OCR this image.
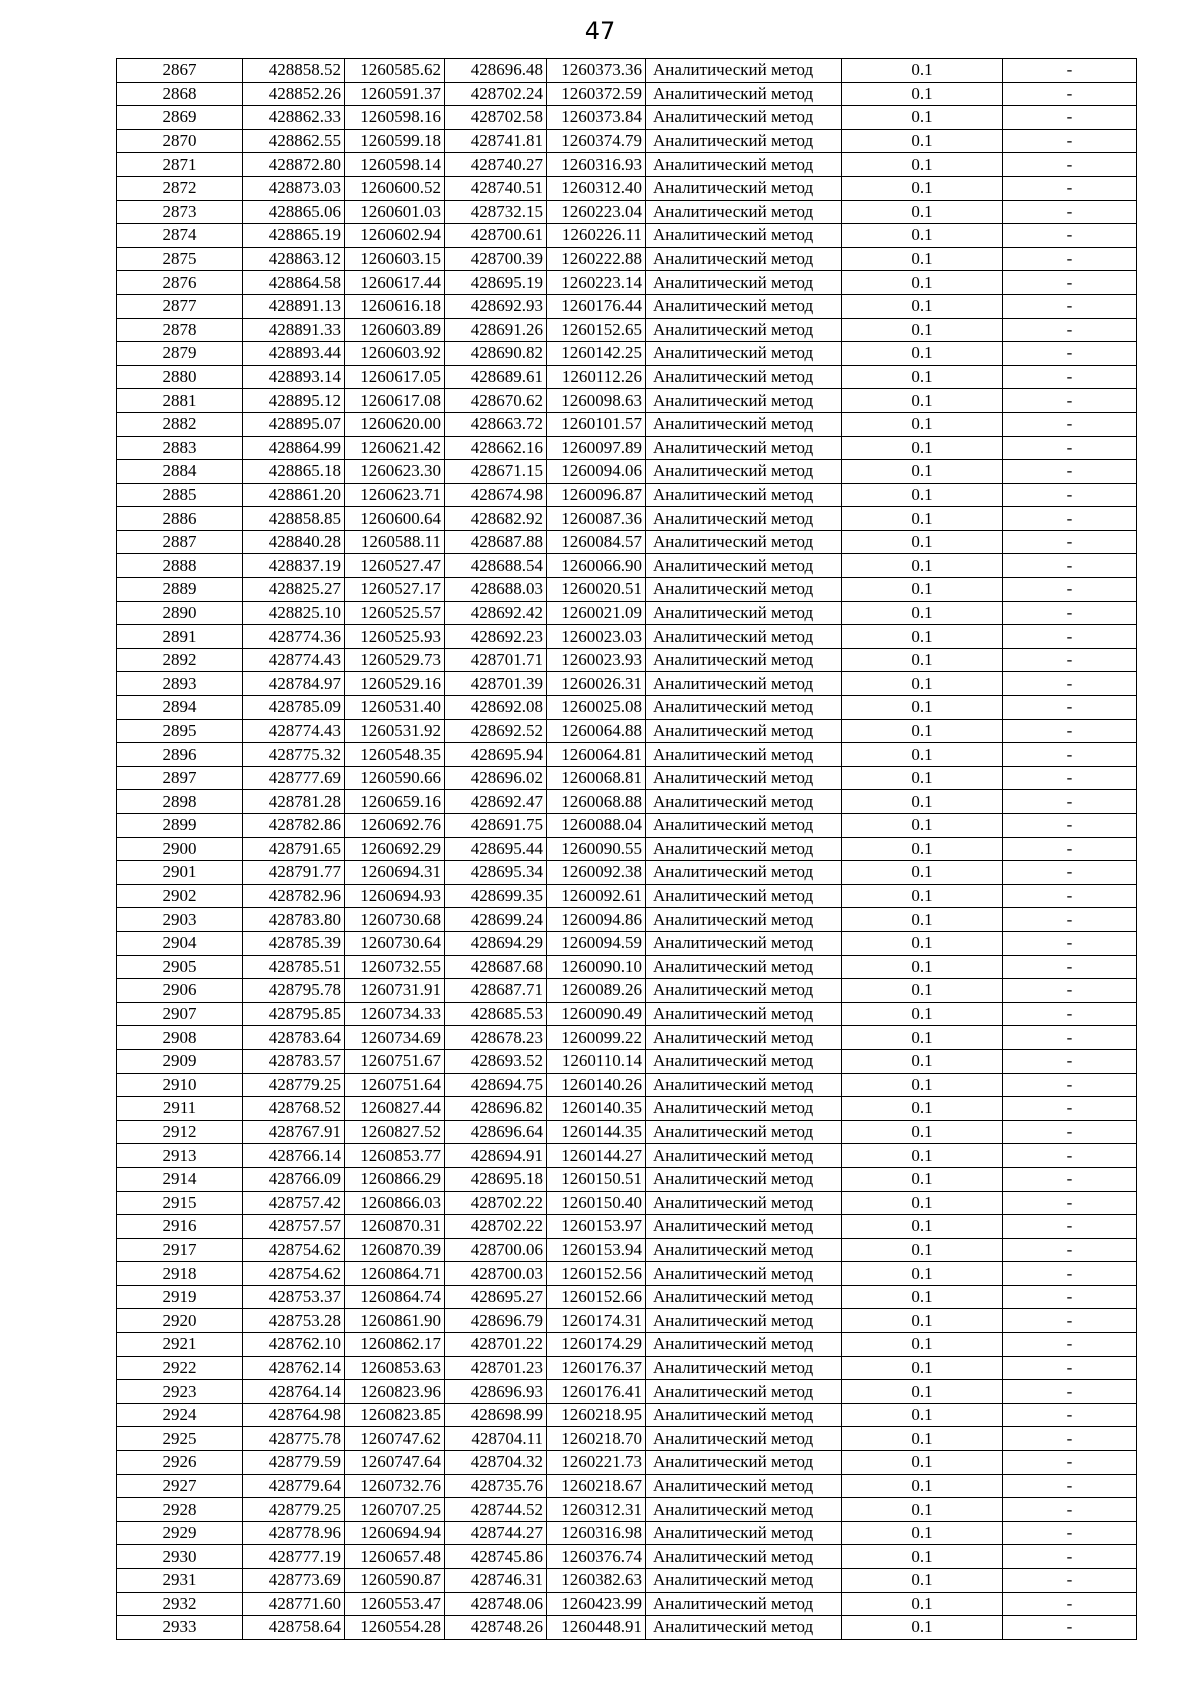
47
2867	428858.52	1260585.62	428696.48	1260373.36	Аналитический метод	0.1	-
2868	428852.26	1260591.37	428702.24	1260372.59	Аналитический метод	0.1	-
2869	428862.33	1260598.16	428702.58	1260373.84	Аналитический метод	0.1	-
2870	428862.55	1260599.18	428741.81	1260374.79	Аналитический метод	0.1	-
2871	428872.80	1260598.14	428740.27	1260316.93	Аналитический метод	0.1	-
2872	428873.03	1260600.52	428740.51	1260312.40	Аналитический метод	0.1	-
2873	428865.06	1260601.03	428732.15	1260223.04	Аналитический метод	0.1	-
2874	428865.19	1260602.94	428700.61	1260226.11	Аналитический метод	0.1	-
2875	428863.12	1260603.15	428700.39	1260222.88	Аналитический метод	0.1	-
2876	428864.58	1260617.44	428695.19	1260223.14	Аналитический метод	0.1	-
2877	428891.13	1260616.18	428692.93	1260176.44	Аналитический метод	0.1	-
2878	428891.33	1260603.89	428691.26	1260152.65	Аналитический метод	0.1	-
2879	428893.44	1260603.92	428690.82	1260142.25	Аналитический метод	0.1	-
2880	428893.14	1260617.05	428689.61	1260112.26	Аналитический метод	0.1	-
2881	428895.12	1260617.08	428670.62	1260098.63	Аналитический метод	0.1	-
2882	428895.07	1260620.00	428663.72	1260101.57	Аналитический метод	0.1	-
2883	428864.99	1260621.42	428662.16	1260097.89	Аналитический метод	0.1	-
2884	428865.18	1260623.30	428671.15	1260094.06	Аналитический метод	0.1	-
2885	428861.20	1260623.71	428674.98	1260096.87	Аналитический метод	0.1	-
2886	428858.85	1260600.64	428682.92	1260087.36	Аналитический метод	0.1	-
2887	428840.28	1260588.11	428687.88	1260084.57	Аналитический метод	0.1	-
2888	428837.19	1260527.47	428688.54	1260066.90	Аналитический метод	0.1	-
2889	428825.27	1260527.17	428688.03	1260020.51	Аналитический метод	0.1	-
2890	428825.10	1260525.57	428692.42	1260021.09	Аналитический метод	0.1	-
2891	428774.36	1260525.93	428692.23	1260023.03	Аналитический метод	0.1	-
2892	428774.43	1260529.73	428701.71	1260023.93	Аналитический метод	0.1	-
2893	428784.97	1260529.16	428701.39	1260026.31	Аналитический метод	0.1	-
2894	428785.09	1260531.40	428692.08	1260025.08	Аналитический метод	0.1	-
2895	428774.43	1260531.92	428692.52	1260064.88	Аналитический метод	0.1	-
2896	428775.32	1260548.35	428695.94	1260064.81	Аналитический метод	0.1	-
2897	428777.69	1260590.66	428696.02	1260068.81	Аналитический метод	0.1	-
2898	428781.28	1260659.16	428692.47	1260068.88	Аналитический метод	0.1	-
2899	428782.86	1260692.76	428691.75	1260088.04	Аналитический метод	0.1	-
2900	428791.65	1260692.29	428695.44	1260090.55	Аналитический метод	0.1	-
2901	428791.77	1260694.31	428695.34	1260092.38	Аналитический метод	0.1	-
2902	428782.96	1260694.93	428699.35	1260092.61	Аналитический метод	0.1	-
2903	428783.80	1260730.68	428699.24	1260094.86	Аналитический метод	0.1	-
2904	428785.39	1260730.64	428694.29	1260094.59	Аналитический метод	0.1	-
2905	428785.51	1260732.55	428687.68	1260090.10	Аналитический метод	0.1	-
2906	428795.78	1260731.91	428687.71	1260089.26	Аналитический метод	0.1	-
2907	428795.85	1260734.33	428685.53	1260090.49	Аналитический метод	0.1	-
2908	428783.64	1260734.69	428678.23	1260099.22	Аналитический метод	0.1	-
2909	428783.57	1260751.67	428693.52	1260110.14	Аналитический метод	0.1	-
2910	428779.25	1260751.64	428694.75	1260140.26	Аналитический метод	0.1	-
2911	428768.52	1260827.44	428696.82	1260140.35	Аналитический метод	0.1	-
2912	428767.91	1260827.52	428696.64	1260144.35	Аналитический метод	0.1	-
2913	428766.14	1260853.77	428694.91	1260144.27	Аналитический метод	0.1	-
2914	428766.09	1260866.29	428695.18	1260150.51	Аналитический метод	0.1	-
2915	428757.42	1260866.03	428702.22	1260150.40	Аналитический метод	0.1	-
2916	428757.57	1260870.31	428702.22	1260153.97	Аналитический метод	0.1	-
2917	428754.62	1260870.39	428700.06	1260153.94	Аналитический метод	0.1	-
2918	428754.62	1260864.71	428700.03	1260152.56	Аналитический метод	0.1	-
2919	428753.37	1260864.74	428695.27	1260152.66	Аналитический метод	0.1	-
2920	428753.28	1260861.90	428696.79	1260174.31	Аналитический метод	0.1	-
2921	428762.10	1260862.17	428701.22	1260174.29	Аналитический метод	0.1	-
2922	428762.14	1260853.63	428701.23	1260176.37	Аналитический метод	0.1	-
2923	428764.14	1260823.96	428696.93	1260176.41	Аналитический метод	0.1	-
2924	428764.98	1260823.85	428698.99	1260218.95	Аналитический метод	0.1	-
2925	428775.78	1260747.62	428704.11	1260218.70	Аналитический метод	0.1	-
2926	428779.59	1260747.64	428704.32	1260221.73	Аналитический метод	0.1	-
2927	428779.64	1260732.76	428735.76	1260218.67	Аналитический метод	0.1	-
2928	428779.25	1260707.25	428744.52	1260312.31	Аналитический метод	0.1	-
2929	428778.96	1260694.94	428744.27	1260316.98	Аналитический метод	0.1	-
2930	428777.19	1260657.48	428745.86	1260376.74	Аналитический метод	0.1	-
2931	428773.69	1260590.87	428746.31	1260382.63	Аналитический метод	0.1	-
2932	428771.60	1260553.47	428748.06	1260423.99	Аналитический метод	0.1	-
2933	428758.64	1260554.28	428748.26	1260448.91	Аналитический метод	0.1	-
